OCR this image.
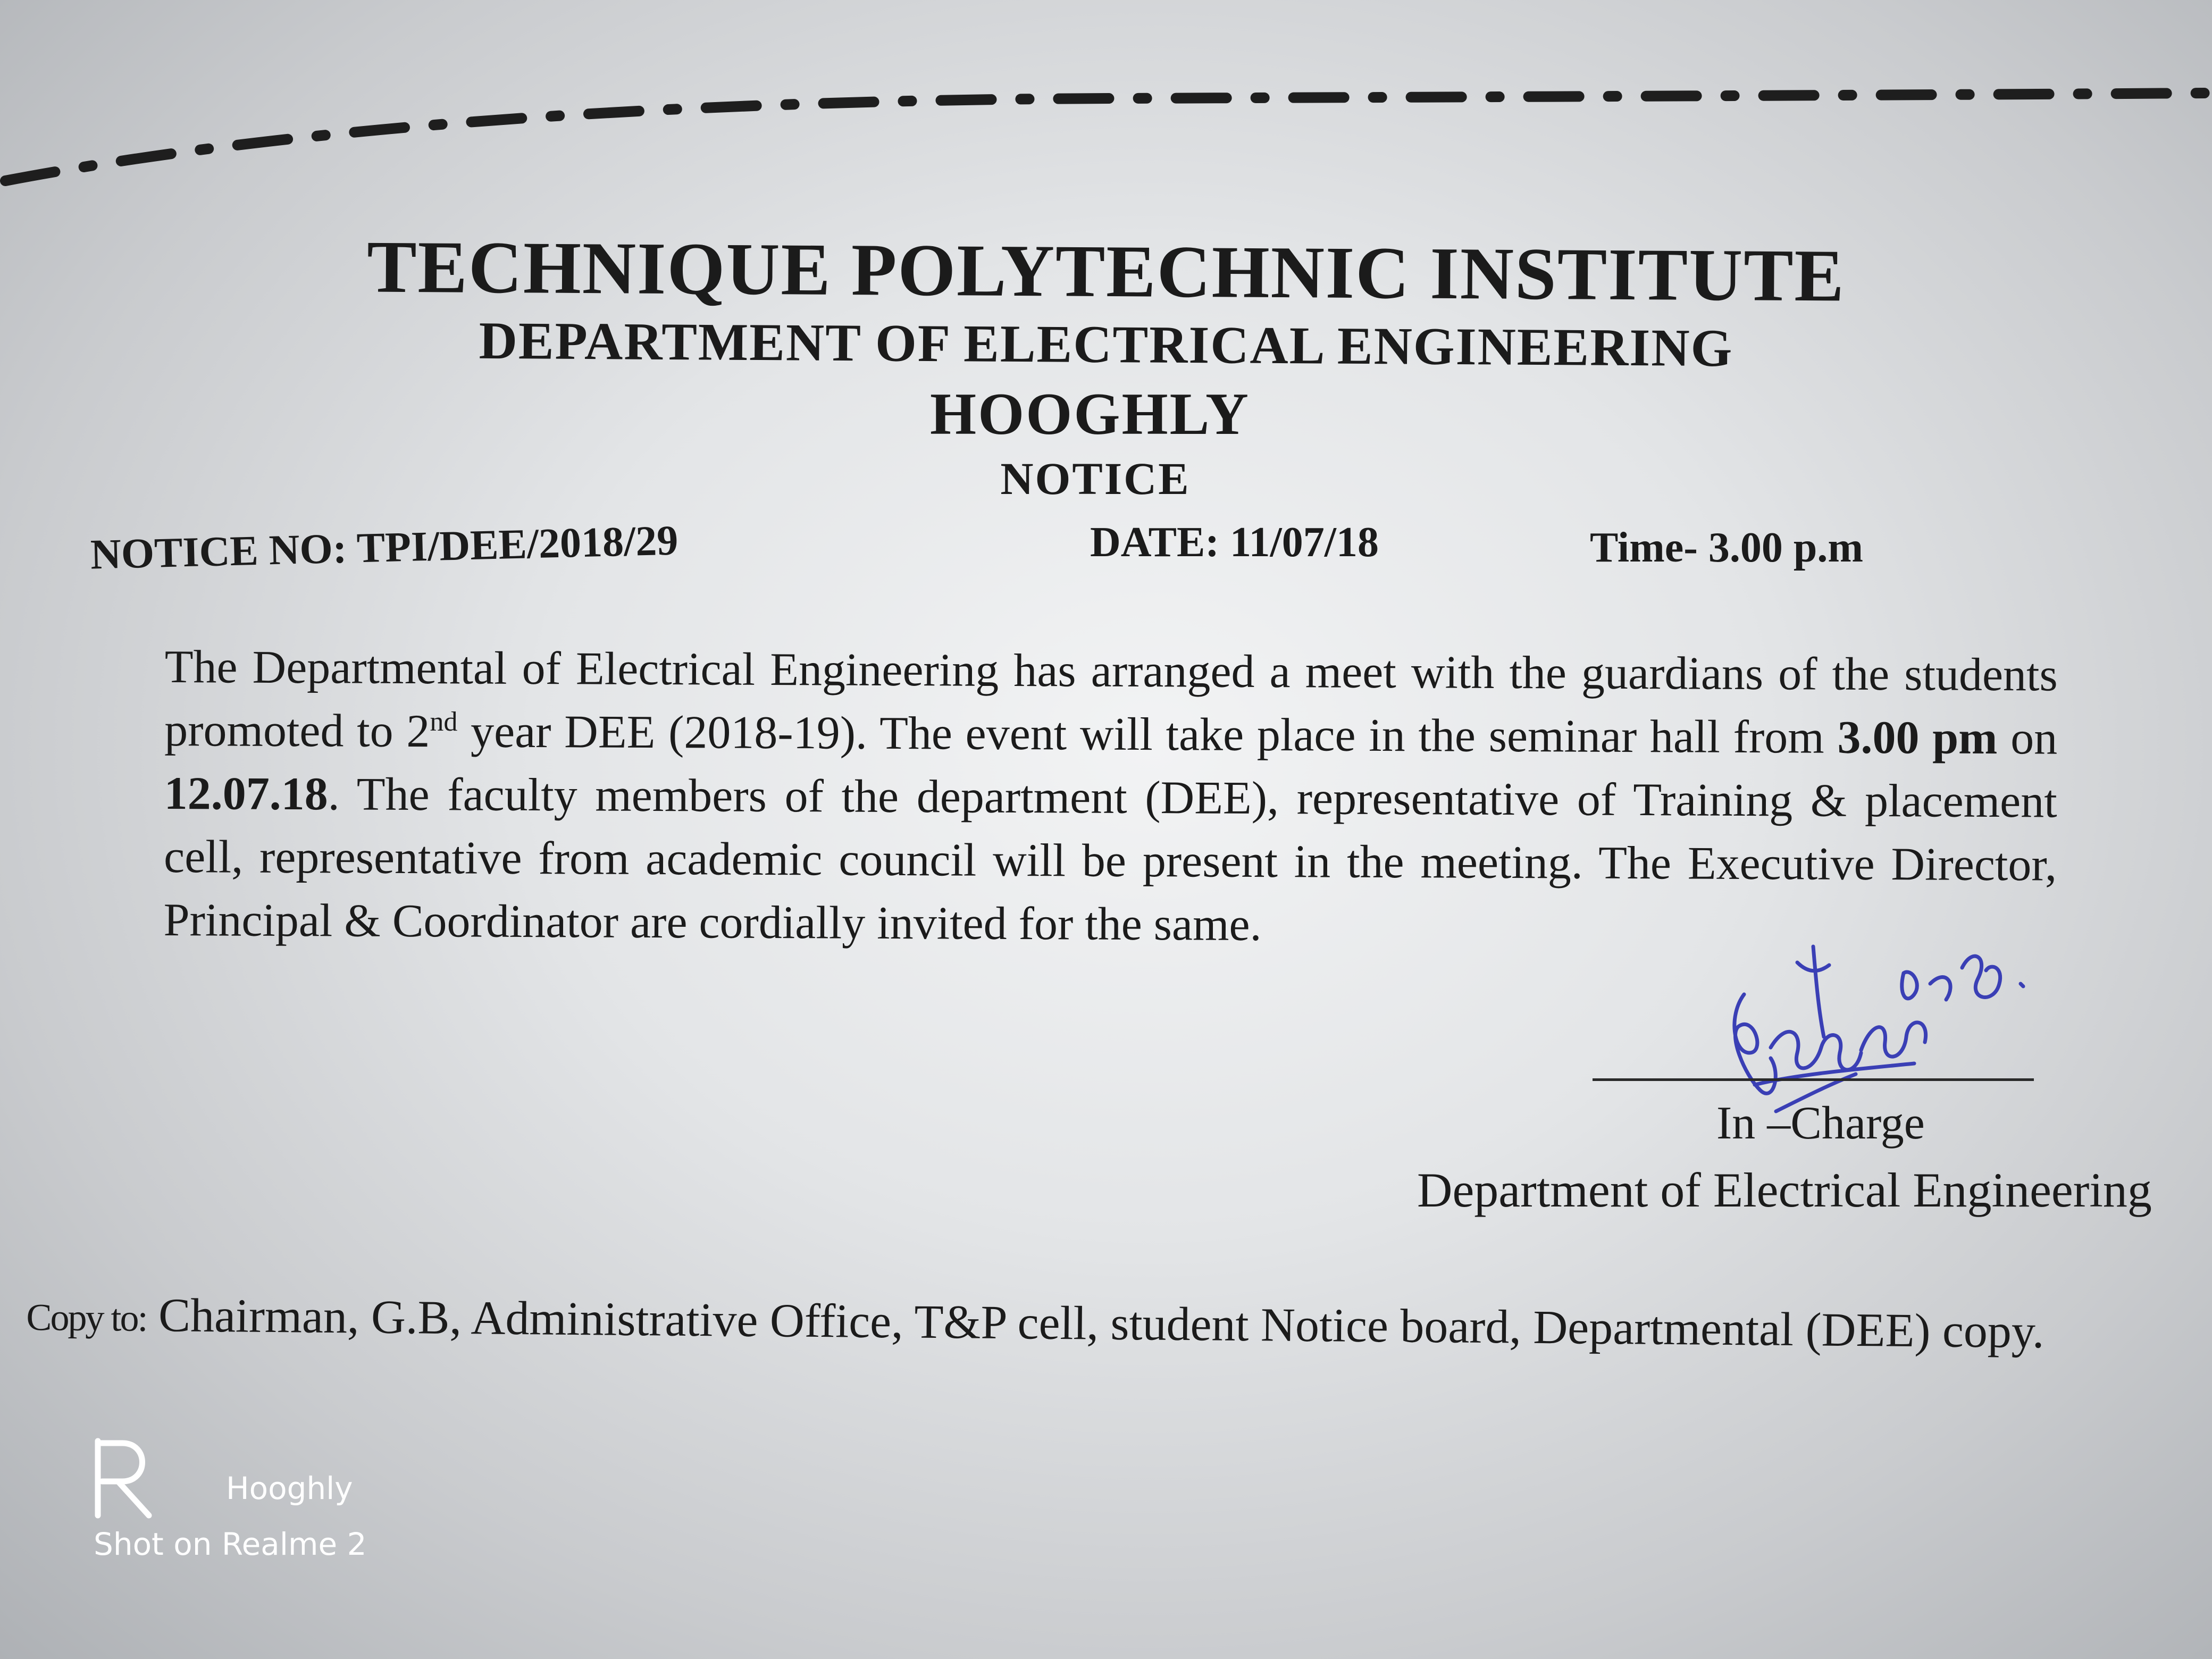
TECHNIQUE POLYTECHNIC INSTITUTE
DEPARTMENT OF ELECTRICAL ENGINEERING
HOOGHLY
NOTICE
NOTICE NO: TPI/DEE/2018/29	DATE: 11/07/18	Time- 3.00 p.m
The Departmental of Electrical Engineering has arranged a meet with the guardians of the students promoted to 2nd year DEE (2018-19). The event will take place in the seminar hall from 3.00 pm on 12.07.18. The faculty members of the department (DEE), representative of Training & placement cell, representative from academic council will be present in the meeting. The Executive Director, Principal & Coordinator are cordially invited for the same.
In –Charge
Department of Electrical Engineering
Copy to: Chairman, G.B, Administrative Office, T&P cell, student Notice board, Departmental (DEE) copy.
Hooghly
Shot on Realme 2
